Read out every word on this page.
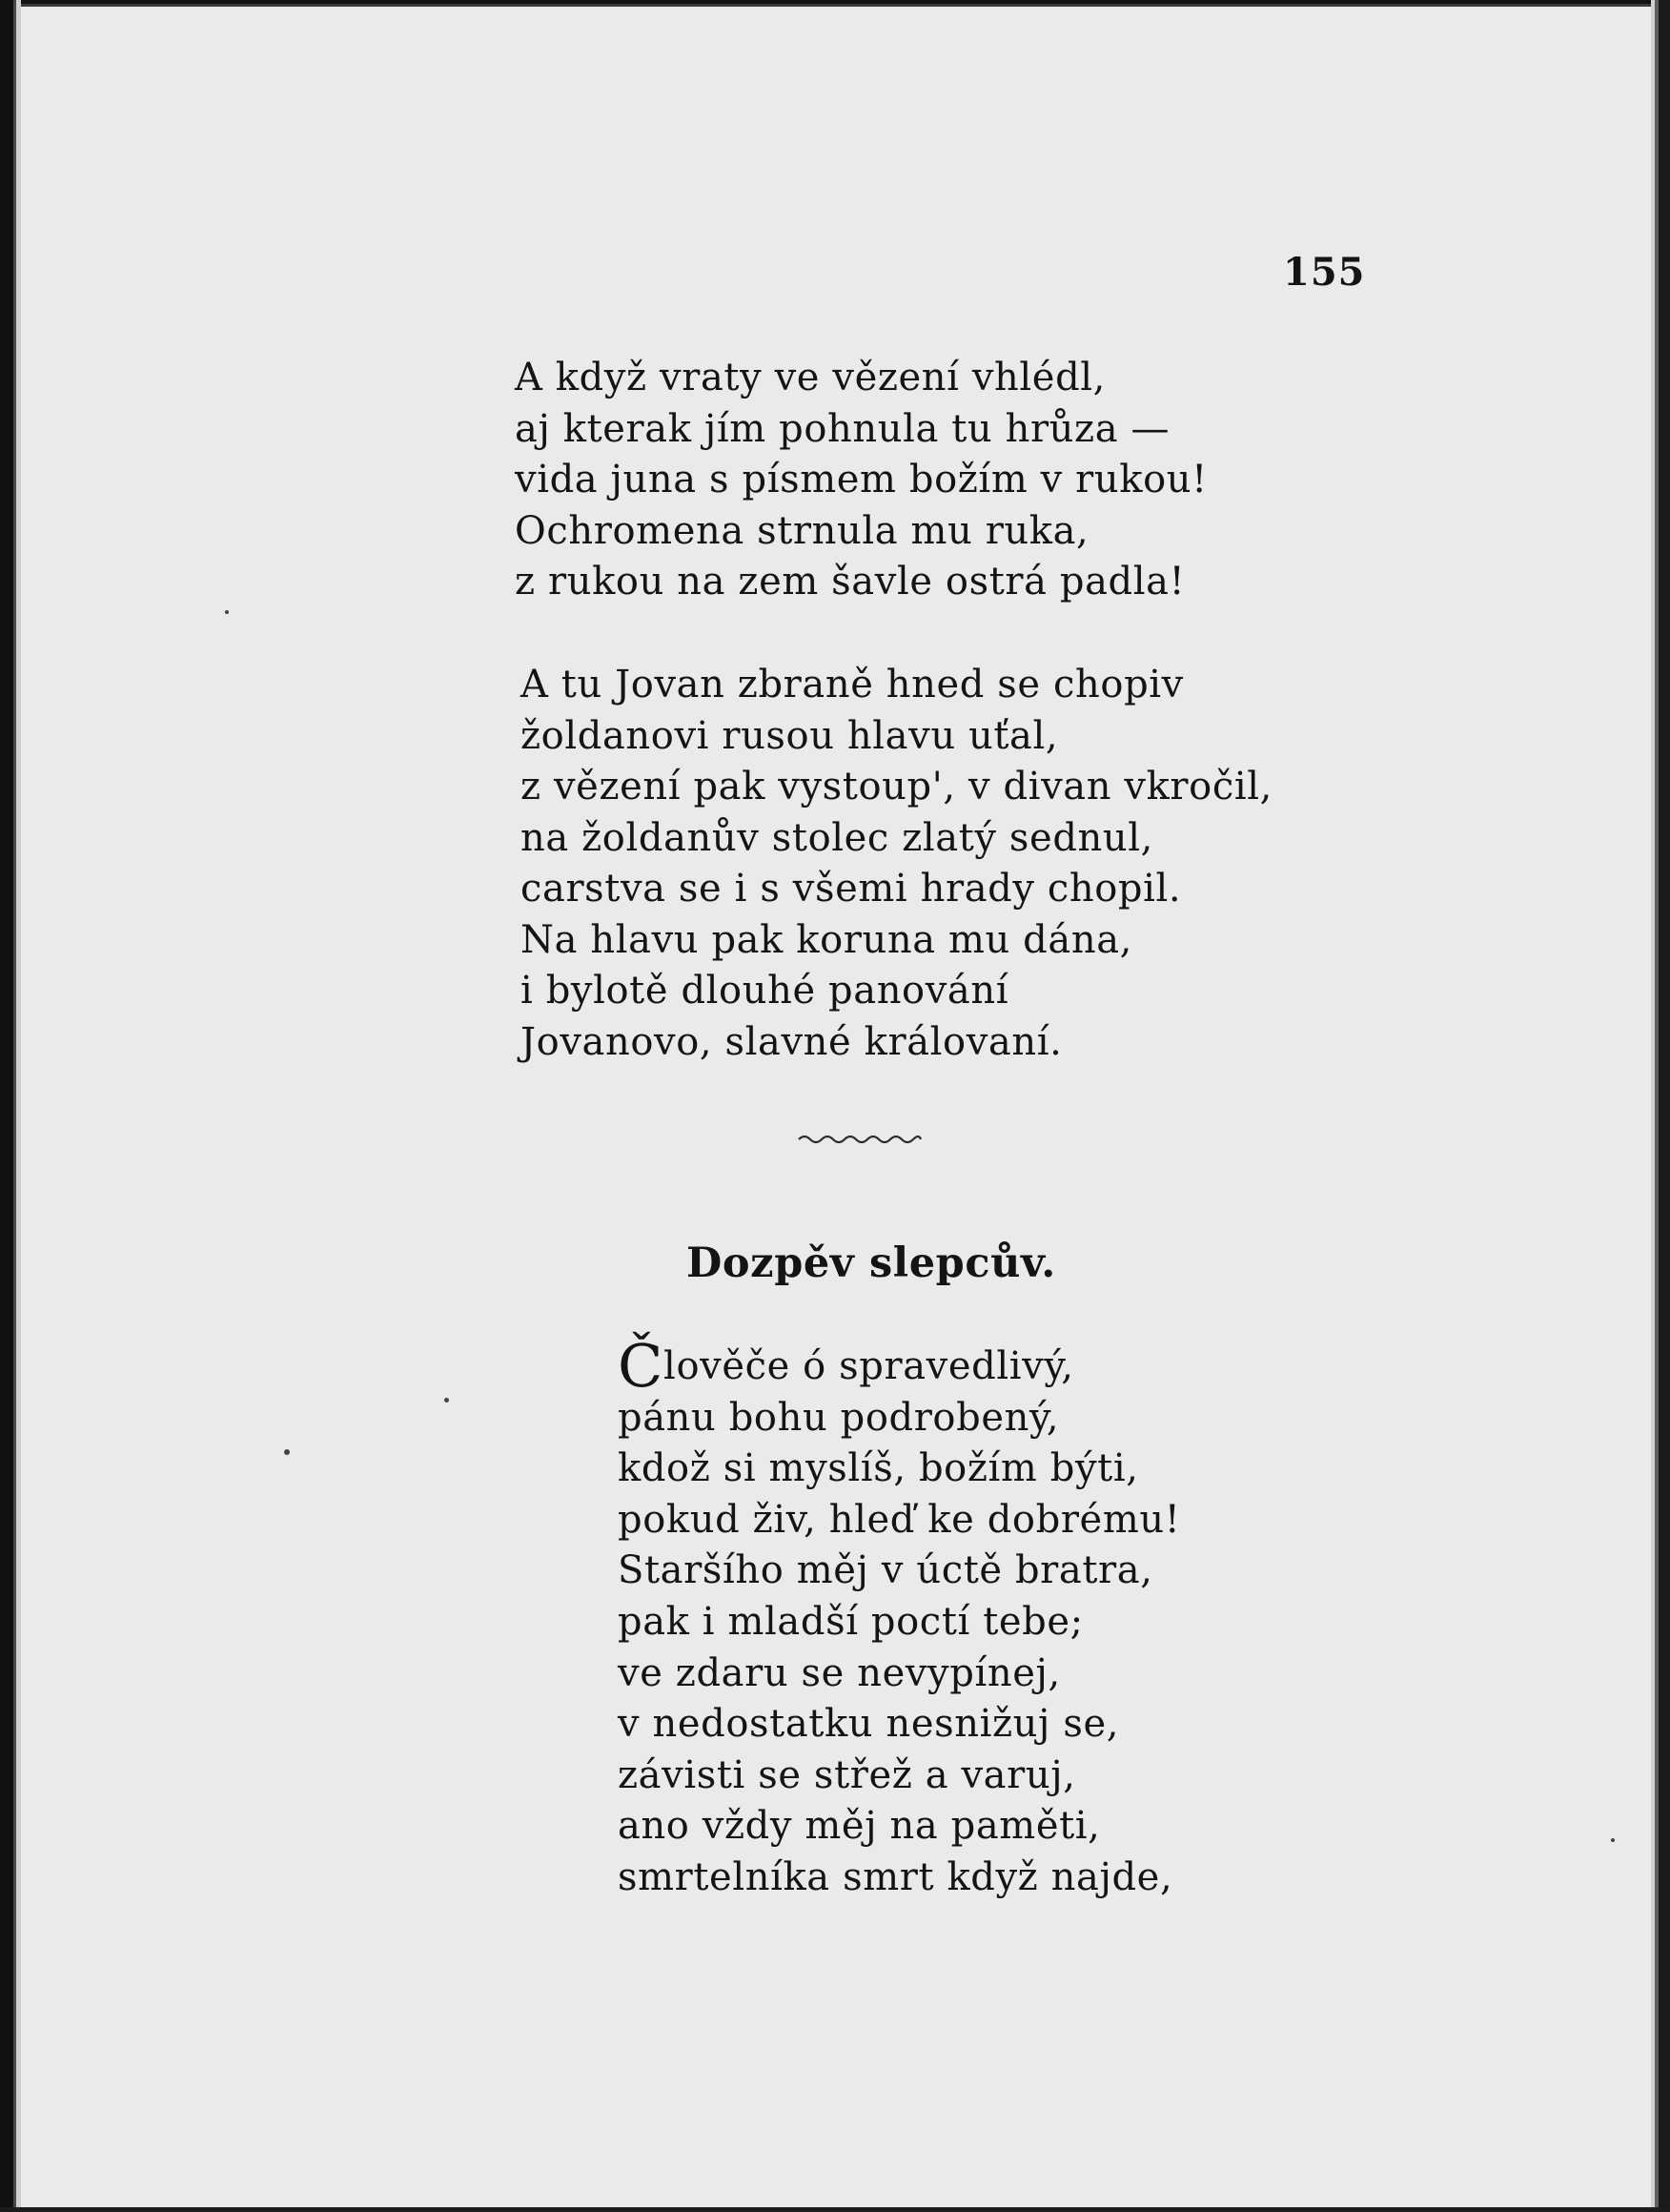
155
A když vraty ve vězení vhlédl,
aj kterak jím pohnula tu hrůza —
vida juna s písmem božím v rukou!
Ochromena strnula mu ruka,
z rukou na zem šavle ostrá padla!
A tu Jovan zbraně hned se chopiv
žoldanovi rusou hlavu uťal,
z vězení pak vystoup', v divan vkročil,
na žoldanův stolec zlatý sednul,
carstva se i s všemi hrady chopil.
Na hlavu pak koruna mu dána,
i bylotě dlouhé panování
Jovanovo, slavné královaní.
Dozpěv slepcův.
Člověče ó spravedlivý,
pánu bohu podrobený,
kdož si myslíš, božím býti,
pokud živ, hleď ke dobrému!
Staršího měj v úctě bratra,
pak i mladší poctí tebe;
ve zdaru se nevypínej,
v nedostatku nesnižuj se,
závisti se střež a varuj,
ano vždy měj na paměti,
smrtelníka smrt když najde,
